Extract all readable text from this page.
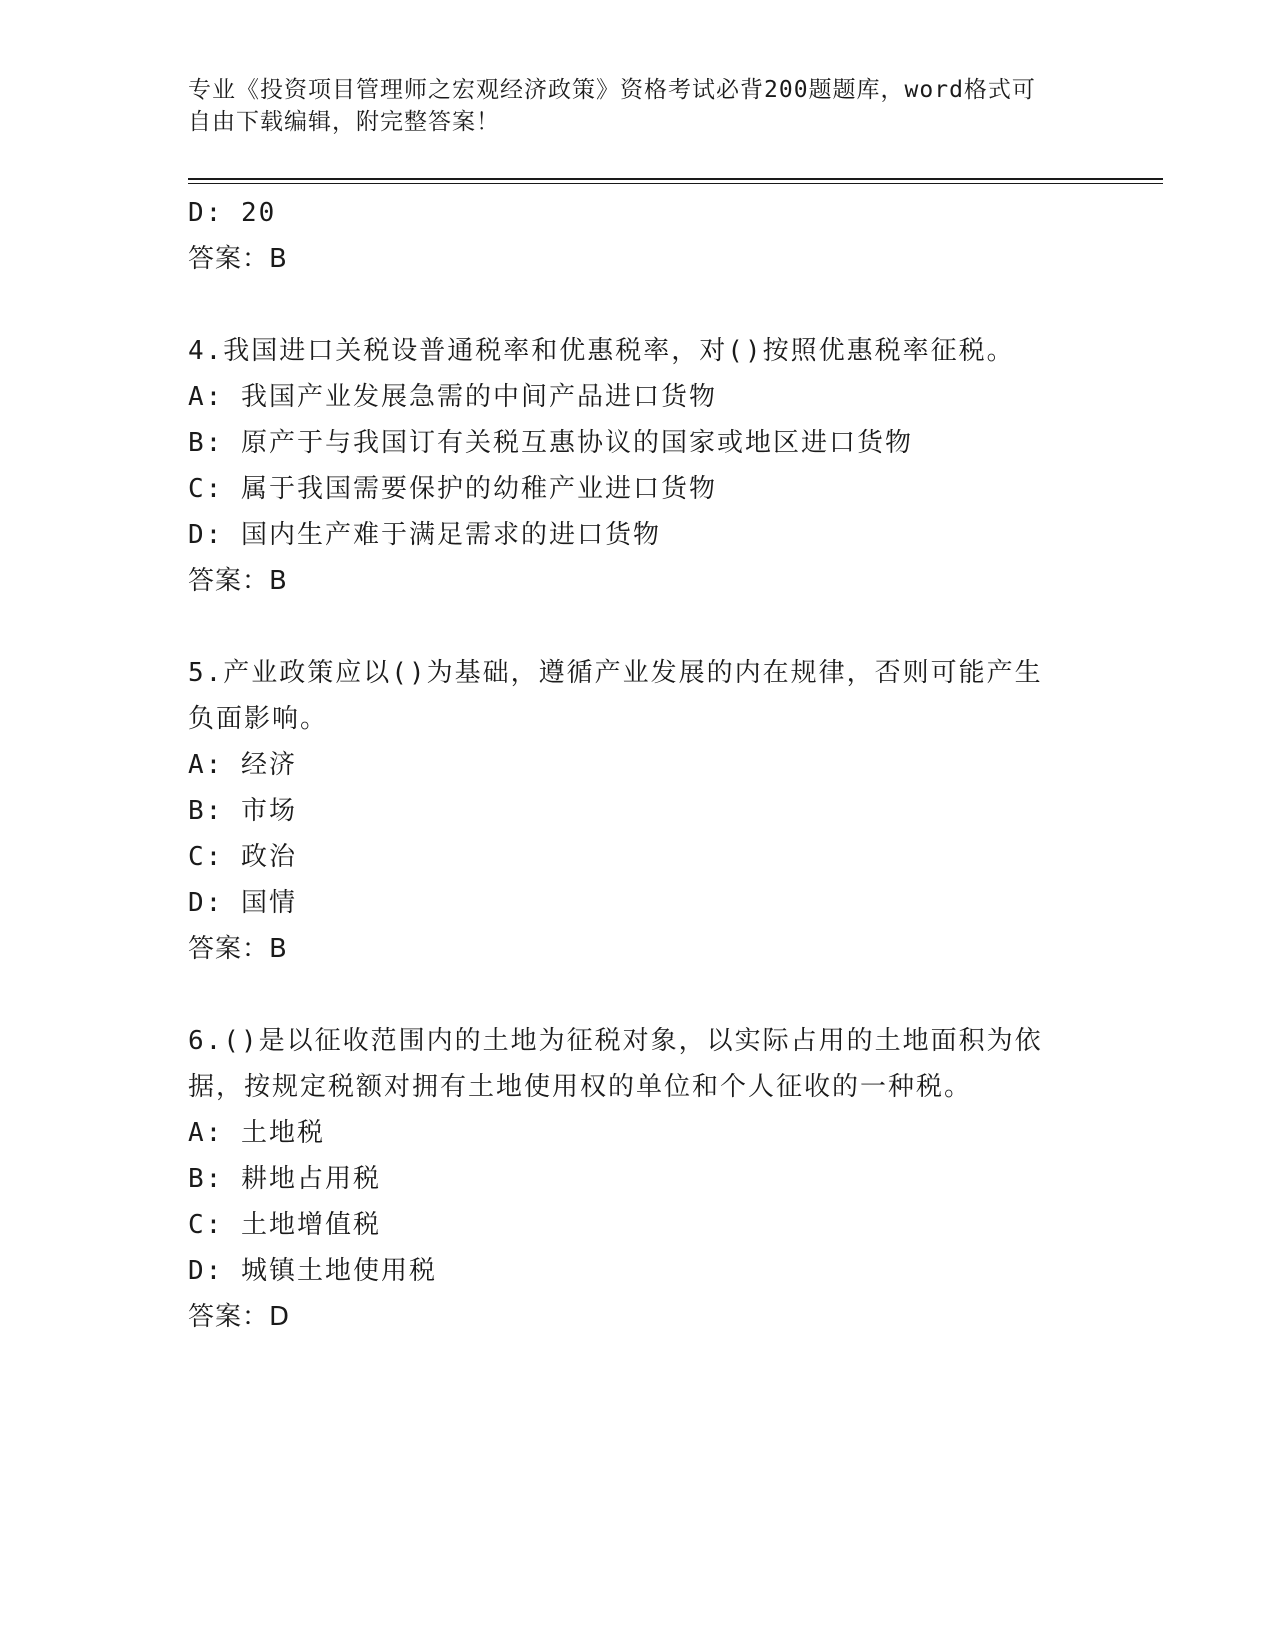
专业《投资项目管理师之宏观经济政策》资格考试必背200题题库，word格式可
自由下载编辑，附完整答案！
D: 20
答案：B
4.我国进口关税设普通税率和优惠税率，对()按照优惠税率征税。
A: 我国产业发展急需的中间产品进口货物
B: 原产于与我国订有关税互惠协议的国家或地区进口货物
C: 属于我国需要保护的幼稚产业进口货物
D: 国内生产难于满足需求的进口货物
答案：B
5.产业政策应以()为基础，遵循产业发展的内在规律，否则可能产生
负面影响。
A: 经济
B: 市场
C: 政治
D: 国情
答案：B
6.()是以征收范围内的土地为征税对象，以实际占用的土地面积为依
据，按规定税额对拥有土地使用权的单位和个人征收的一种税。
A: 土地税
B: 耕地占用税
C: 土地增值税
D: 城镇土地使用税
答案：D
